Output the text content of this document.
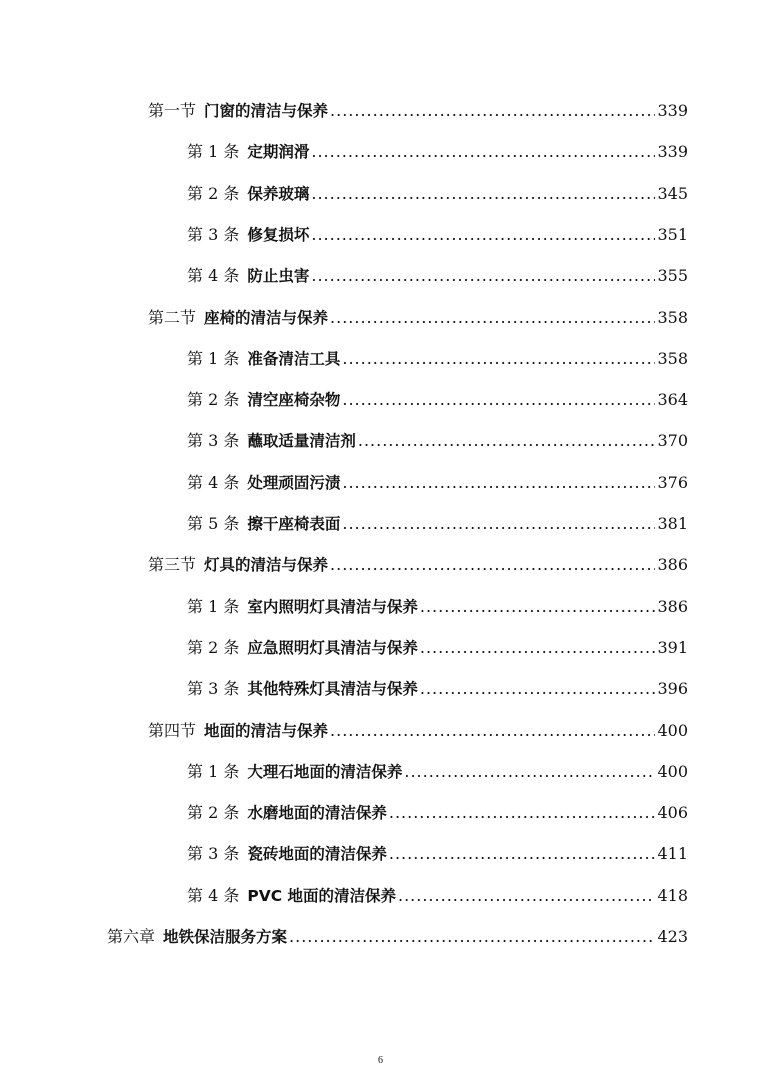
第一节 门窗的清洁与保养 .....	339
第 1 条 定期润滑 .....	339
第 2 条 保养玻璃 .....	345
第 3 条 修复损坏 .....	351
第 4 条 防止虫害 .....	355
第二节 座椅的清洁与保养 .....	358
第 1 条 准备清洁工具 .....	358
第 2 条 清空座椅杂物 .....	364
第 3 条 蘸取适量清洁剂 .....	370
第 4 条 处理顽固污渍 .....	376
第 5 条 擦干座椅表面 .....	381
第三节 灯具的清洁与保养 .....	386
第 1 条 室内照明灯具清洁与保养 .....	386
第 2 条 应急照明灯具清洁与保养 .....	391
第 3 条 其他特殊灯具清洁与保养 .....	396
第四节 地面的清洁与保养 .....	400
第 1 条 大理石地面的清洁保养 .....	400
第 2 条 水磨地面的清洁保养 .....	406
第 3 条 瓷砖地面的清洁保养 .....	411
第 4 条 PVC 地面的清洁保养 .....	418
第六章 地铁保洁服务方案 .....	423
6
